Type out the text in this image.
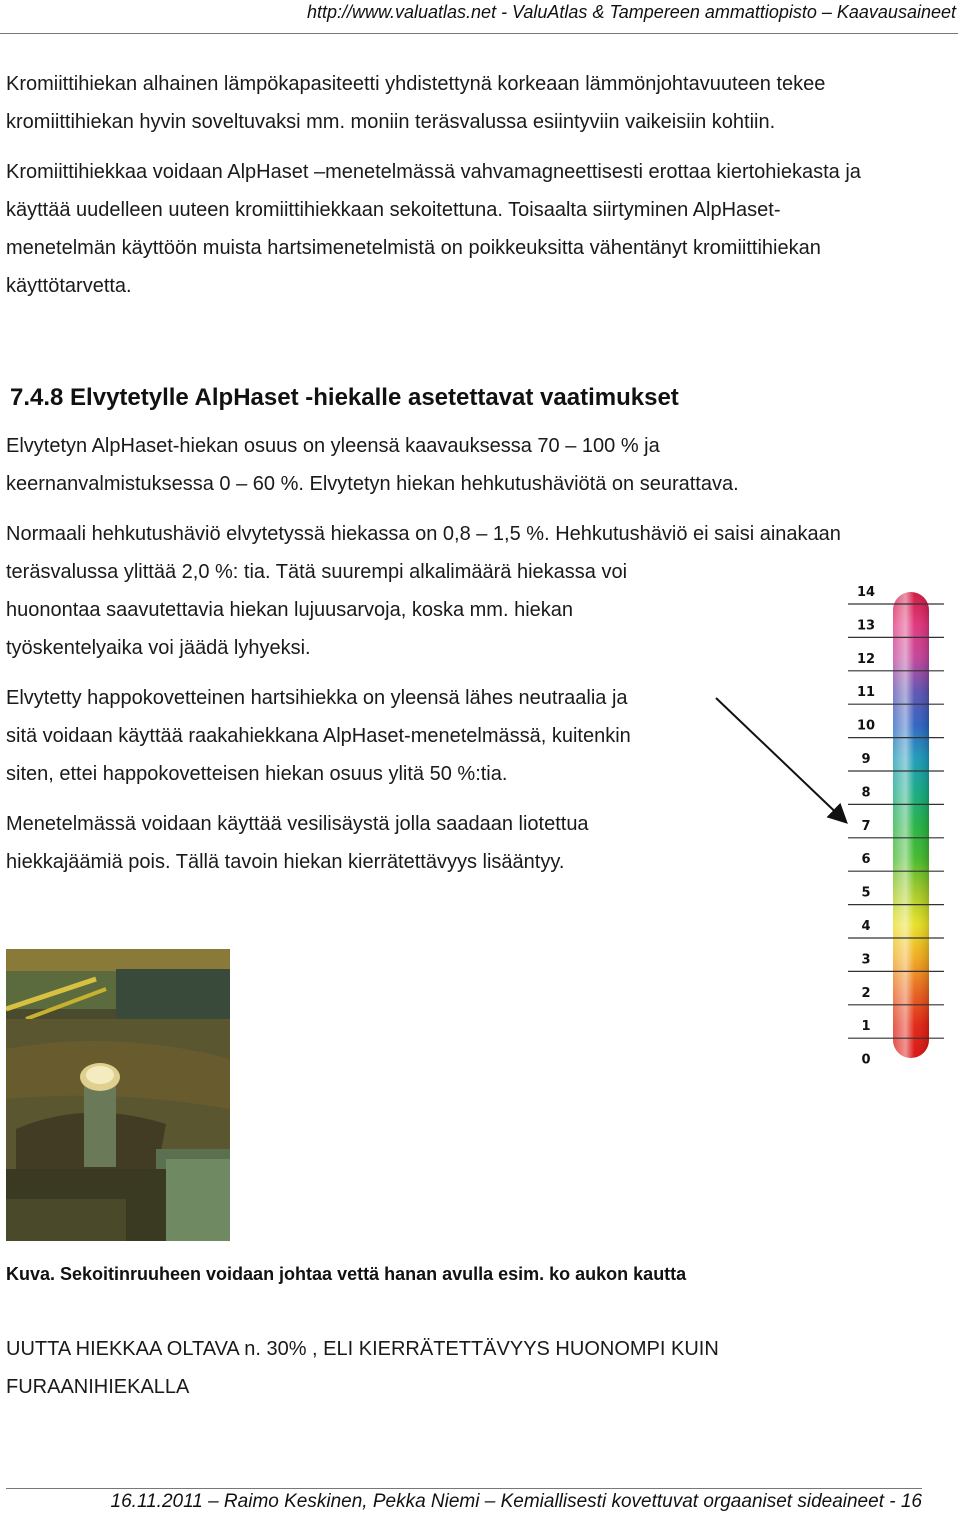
http://www.valuatlas.net - ValuAtlas & Tampereen ammattiopisto – Kaavausaineet

Kromiittihiekan alhainen lämpökapasiteetti yhdistettynä korkeaan lämmönjohtavuuteen tekee
kromiittihiekan hyvin soveltuvaksi mm. moniin teräsvalussa esiintyviin vaikeisiin kohtiin.

Kromiittihiekkaa voidaan AlpHaset –menetelmässä vahvamagneettisesti erottaa kiertohiekasta ja
käyttää uudelleen uuteen kromiittihiekkaan sekoitettuna. Toisaalta siirtyminen AlpHaset-
menetelmän käyttöön muista hartsimenetelmistä on poikkeuksitta vähentänyt kromiittihiekan
käyttötarvetta.

7.4.8 Elvytetylle AlpHaset -hiekalle asetettavat vaatimukset

Elvytetyn AlpHaset-hiekan osuus on yleensä kaavauksessa 70 – 100 % ja
keernanvalmistuksessa 0 – 60 %. Elvytetyn hiekan hehkutushäviötä on seurattava.

Normaali hehkutushäviö elvytetyssä hiekassa on 0,8 – 1,5 %. Hehkutushäviö ei saisi ainakaan
teräsvalussa ylittää 2,0 %: tia. Tätä suurempi alkalimäärä hiekassa voi
huonontaa saavutettavia hiekan lujuusarvoja, koska mm. hiekan
työskentelyaika voi jäädä lyhyeksi.

Elvytetty happokovetteinen hartsihiekka on yleensä lähes neutraalia ja
sitä voidaan käyttää raakahiekkana AlpHaset-menetelmässä, kuitenkin
siten, ettei happokovetteisen hiekan osuus ylitä 50 %:tia.

Menetelmässä voidaan käyttää vesilisäystä jolla saadaan liotettua
hiekkajäämiä pois. Tällä tavoin hiekan kierrätettävyys lisääntyy.

14
13
12
11
10
9
8
7
6
5
4
3
2
1
0

Kuva. Sekoitinruuheen voidaan johtaa vettä hanan avulla esim. ko aukon kautta

UUTTA HIEKKAA OLTAVA n. 30% , ELI KIERRÄTETTÄVYYS HUONOMPI KUIN
FURAANIHIEKALLA

16.11.2011 – Raimo Keskinen, Pekka Niemi – Kemiallisesti kovettuvat orgaaniset sideaineet - 16
